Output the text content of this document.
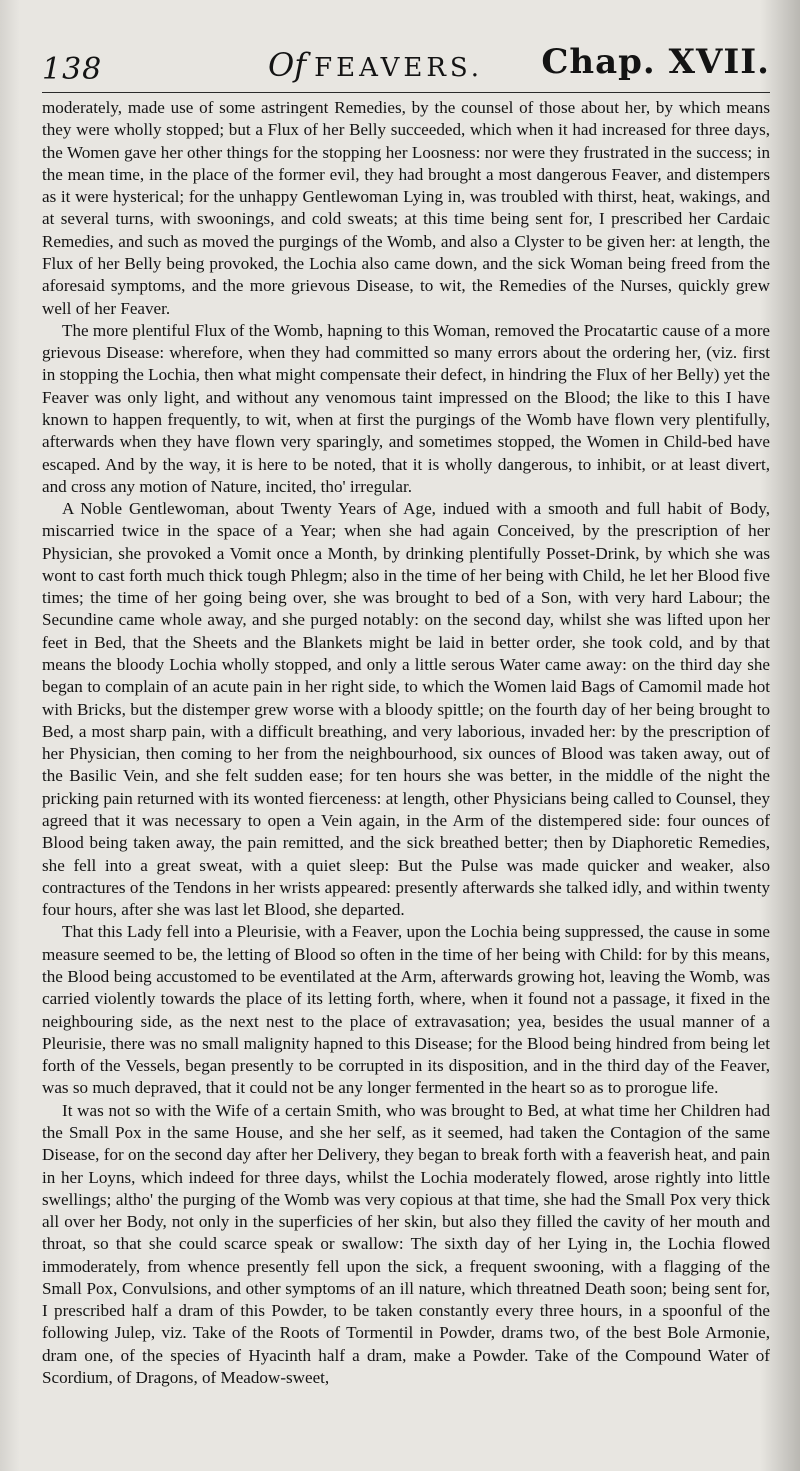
138	Of FEAVERS. Chap. XVII.

moderately, made use of some astringent Remedies, by the counsel of those about her, by which means they were wholly stopped; but a Flux of her Belly succeeded, which when it had increased for three days, the Women gave her other things for the stopping her Loosness: nor were they frustrated in the success; in the mean time, in the place of the former evil, they had brought a most dangerous Feaver, and distempers as it were hysterical; for the unhappy Gentlewoman Lying in, was troubled with thirst, heat, wakings, and at several turns, with swoonings, and cold sweats; at this time being sent for, I prescribed her Cardaic Remedies, and such as moved the purgings of the Womb, and also a Clyster to be given her: at length, the Flux of her Belly being provoked, the Lochia also came down, and the sick Woman being freed from the aforesaid symptoms, and the more grievous Disease, to wit, the Remedies of the Nurses, quickly grew well of her Feaver.

The more plentiful Flux of the Womb, hapning to this Woman, removed the Procatartic cause of a more grievous Disease: wherefore, when they had committed so many errors about the ordering her, (viz. first in stopping the Lochia, then what might compensate their defect, in hindring the Flux of her Belly) yet the Feaver was only light, and without any venomous taint impressed on the Blood; the like to this I have known to happen frequently, to wit, when at first the purgings of the Womb have flown very plentifully, afterwards when they have flown very sparingly, and sometimes stopped, the Women in Child-bed have escaped. And by the way, it is here to be noted, that it is wholly dangerous, to inhibit, or at least divert, and cross any motion of Nature, incited, tho' irregular.

A Noble Gentlewoman, about Twenty Years of Age, indued with a smooth and full habit of Body, miscarried twice in the space of a Year; when she had again Conceived, by the prescription of her Physician, she provoked a Vomit once a Month, by drinking plentifully Posset-Drink, by which she was wont to cast forth much thick tough Phlegm; also in the time of her being with Child, he let her Blood five times; the time of her going being over, she was brought to bed of a Son, with very hard Labour; the Secundine came whole away, and she purged notably: on the second day, whilst she was lifted upon her feet in Bed, that the Sheets and the Blankets might be laid in better order, she took cold, and by that means the bloody Lochia wholly stopped, and only a little serous Water came away: on the third day she began to complain of an acute pain in her right side, to which the Women laid Bags of Camomil made hot with Bricks, but the distemper grew worse with a bloody spittle; on the fourth day of her being brought to Bed, a most sharp pain, with a difficult breathing, and very laborious, invaded her: by the prescription of her Physician, then coming to her from the neighbourhood, six ounces of Blood was taken away, out of the Basilic Vein, and she felt sudden ease; for ten hours she was better, in the middle of the night the pricking pain returned with its wonted fierceness: at length, other Physicians being called to Counsel, they agreed that it was necessary to open a Vein again, in the Arm of the distempered side: four ounces of Blood being taken away, the pain remitted, and the sick breathed better; then by Diaphoretic Remedies, she fell into a great sweat, with a quiet sleep: But the Pulse was made quicker and weaker, also contractures of the Tendons in her wrists appeared: presently afterwards she talked idly, and within twenty four hours, after she was last let Blood, she departed.

That this Lady fell into a Pleurisie, with a Feaver, upon the Lochia being suppressed, the cause in some measure seemed to be, the letting of Blood so often in the time of her being with Child: for by this means, the Blood being accustomed to be eventilated at the Arm, afterwards growing hot, leaving the Womb, was carried violently towards the place of its letting forth, where, when it found not a passage, it fixed in the neighbouring side, as the next nest to the place of extravasation; yea, besides the usual manner of a Pleurisie, there was no small malignity hapned to this Disease; for the Blood being hindred from being let forth of the Vessels, began presently to be corrupted in its disposition, and in the third day of the Feaver, was so much depraved, that it could not be any longer fermented in the heart so as to prorogue life.

It was not so with the Wife of a certain Smith, who was brought to Bed, at what time her Children had the Small Pox in the same House, and she her self, as it seemed, had taken the Contagion of the same Disease, for on the second day after her Delivery, they began to break forth with a feaverish heat, and pain in her Loyns, which indeed for three days, whilst the Lochia moderately flowed, arose rightly into little swellings; altho' the purging of the Womb was very copious at that time, she had the Small Pox very thick all over her Body, not only in the superficies of her skin, but also they filled the cavity of her mouth and throat, so that she could scarce speak or swallow: The sixth day of her Lying in, the Lochia flowed immoderately, from whence presently fell upon the sick, a frequent swooning, with a flagging of the Small Pox, Convulsions, and other symptoms of an ill nature, which threatned Death soon; being sent for, I prescribed half a dram of this Powder, to be taken constantly every three hours, in a spoonful of the following Julep, viz. Take of the Roots of Tormentil in Powder, drams two, of the best Bole Armonie, dram one, of the species of Hyacinth half a dram, make a Powder. Take of the Compound Water of Scordium, of Dragons, of Meadow-sweet,
